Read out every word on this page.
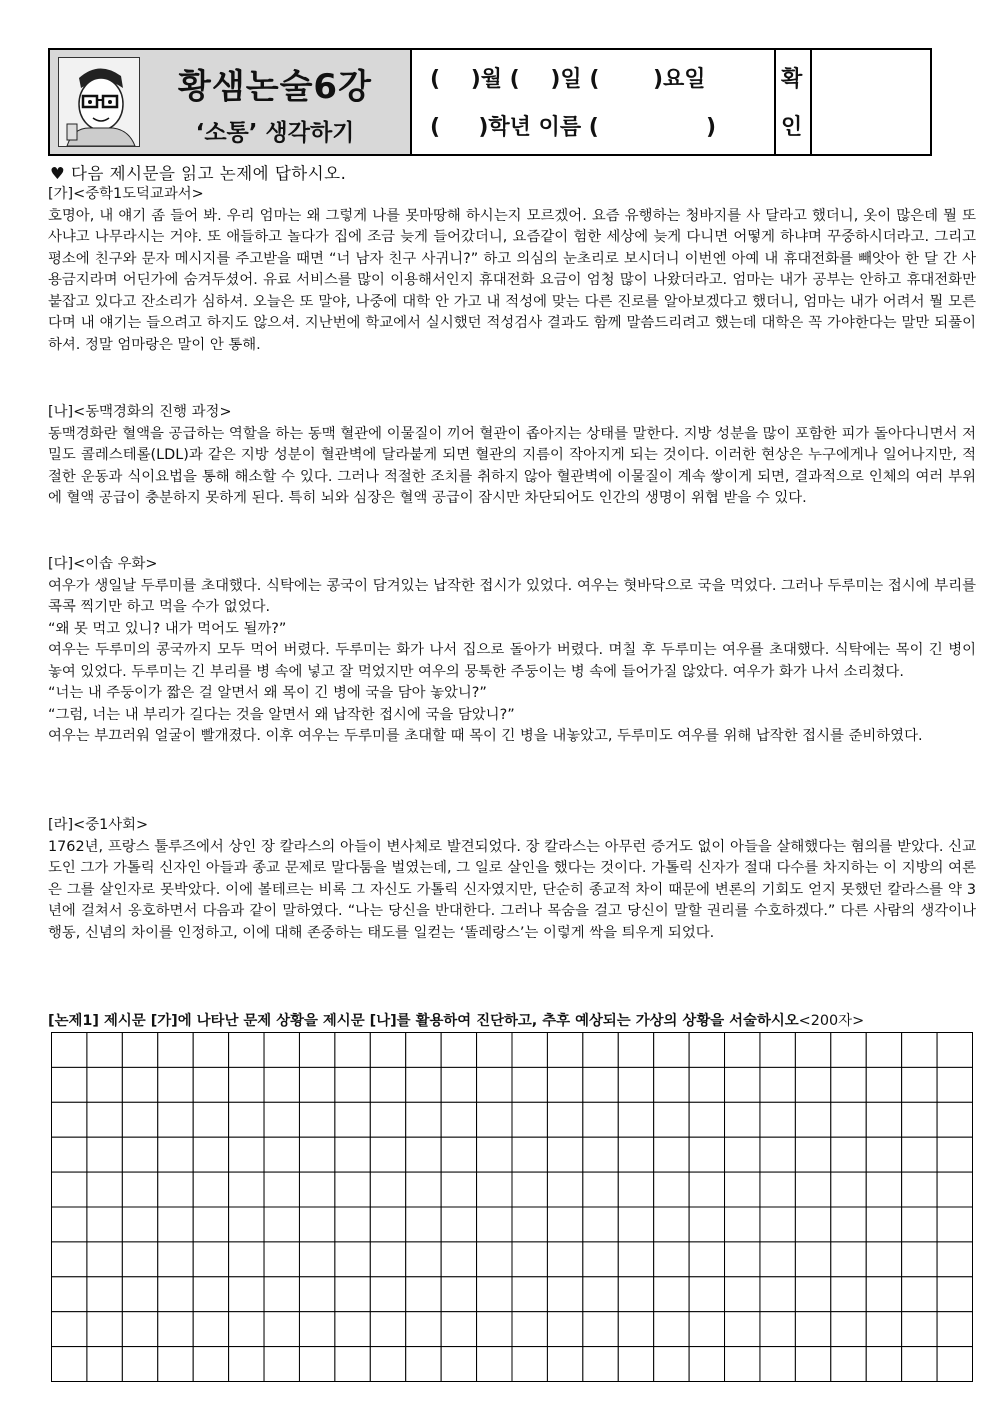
황샘논술6강
‘소통’ 생각하기
(    )월 (    )일 (       )요일
(     )학년 이름 (              )
확
인
♥ 다음 제시문을 읽고 논제에 답하시오.
[가]<중학1도덕교과서>

호명아, 내 얘기 좀 들어 봐. 우리 엄마는 왜 그렇게 나를 못마땅해 하시는지 모르겠어. 요즘 유행하는 청바지를 사 달라고 했더니, 옷이 많은데 뭘 또 사냐고 나무라시는 거야. 또 애들하고 놀다가 집에 조금 늦게 들어갔더니, 요즘같이 험한 세상에 늦게 다니면 어떻게 하냐며 꾸중하시더라고. 그리고 평소에 친구와 문자 메시지를 주고받을 때면 “너 남자 친구 사귀니?” 하고 의심의 눈초리로 보시더니 이번엔 아예 내 휴대전화를 빼앗아 한 달 간 사용금지라며 어딘가에 숨겨두셨어. 유료 서비스를 많이 이용해서인지 휴대전화 요금이 엄청 많이 나왔더라고. 엄마는 내가 공부는 안하고 휴대전화만 붙잡고 있다고 잔소리가 심하셔. 오늘은 또 말야, 나중에 대학 안 가고 내 적성에 맞는 다른 진로를 알아보겠다고 했더니, 엄마는 내가 어려서 뭘 모른다며 내 얘기는 들으려고 하지도 않으셔. 지난번에 학교에서 실시했던 적성검사 결과도 함께 말씀드리려고 했는데 대학은 꼭 가야한다는 말만 되풀이 하셔. 정말 엄마랑은 말이 안 통해.

[나]<동맥경화의 진행 과정>

동맥경화란 혈액을 공급하는 역할을 하는 동맥 혈관에 이물질이 끼어 혈관이 좁아지는 상태를 말한다. 지방 성분을 많이 포함한 피가 돌아다니면서 저밀도 콜레스테롤(LDL)과 같은 지방 성분이 혈관벽에 달라붙게 되면 혈관의 지름이 작아지게 되는 것이다. 이러한 현상은 누구에게나 일어나지만, 적절한 운동과 식이요법을 통해 해소할 수 있다. 그러나 적절한 조치를 취하지 않아 혈관벽에 이물질이 계속 쌓이게 되면, 결과적으로 인체의 여러 부위에 혈액 공급이 충분하지 못하게 된다. 특히 뇌와 심장은 혈액 공급이 잠시만 차단되어도 인간의 생명이 위협 받을 수 있다.

[다]<이솝 우화>

여우가 생일날 두루미를 초대했다. 식탁에는 콩국이 담겨있는 납작한 접시가 있었다. 여우는 혓바닥으로 국을 먹었다. 그러나 두루미는 접시에 부리를 콕콕 찍기만 하고 먹을 수가 없었다.

“왜 못 먹고 있니? 내가 먹어도 될까?”

여우는 두루미의 콩국까지 모두 먹어 버렸다. 두루미는 화가 나서 집으로 돌아가 버렸다. 며칠 후 두루미는 여우를 초대했다. 식탁에는 목이 긴 병이 놓여 있었다. 두루미는 긴 부리를 병 속에 넣고 잘 먹었지만 여우의 뭉툭한 주둥이는 병 속에 들어가질 않았다. 여우가 화가 나서 소리쳤다.

“너는 내 주둥이가 짧은 걸 알면서 왜 목이 긴 병에 국을 담아 놓았니?”

“그럼, 너는 내 부리가 길다는 것을 알면서 왜 납작한 접시에 국을 담았니?”

여우는 부끄러워 얼굴이 빨개졌다. 이후 여우는 두루미를 초대할 때 목이 긴 병을 내놓았고, 두루미도 여우를 위해 납작한 접시를 준비하였다.

[라]<중1사회>

1762년, 프랑스 툴루즈에서 상인 장 칼라스의 아들이 변사체로 발견되었다. 장 칼라스는 아무런 증거도 없이 아들을 살해했다는 혐의를 받았다. 신교도인 그가 가톨릭 신자인 아들과 종교 문제로 말다툼을 벌였는데, 그 일로 살인을 했다는 것이다. 가톨릭 신자가 절대 다수를 차지하는 이 지방의 여론은 그를 살인자로 못박았다. 이에 볼테르는 비록 그 자신도 가톨릭 신자였지만, 단순히 종교적 차이 때문에 변론의 기회도 얻지 못했던 칼라스를 약 3년에 걸쳐서 옹호하면서 다음과 같이 말하였다. “나는 당신을 반대한다. 그러나 목숨을 걸고 당신이 말할 권리를 수호하겠다.” 다른 사람의 생각이나 행동, 신념의 차이를 인정하고, 이에 대해 존중하는 태도를 일컫는 ‘똘레랑스’는 이렇게 싹을 틔우게 되었다.

[논제1] 제시문 [가]에 나타난 문제 상황을 제시문 [나]를 활용하여 진단하고, 추후 예상되는 가상의 상황을 서술하시오<200자>
